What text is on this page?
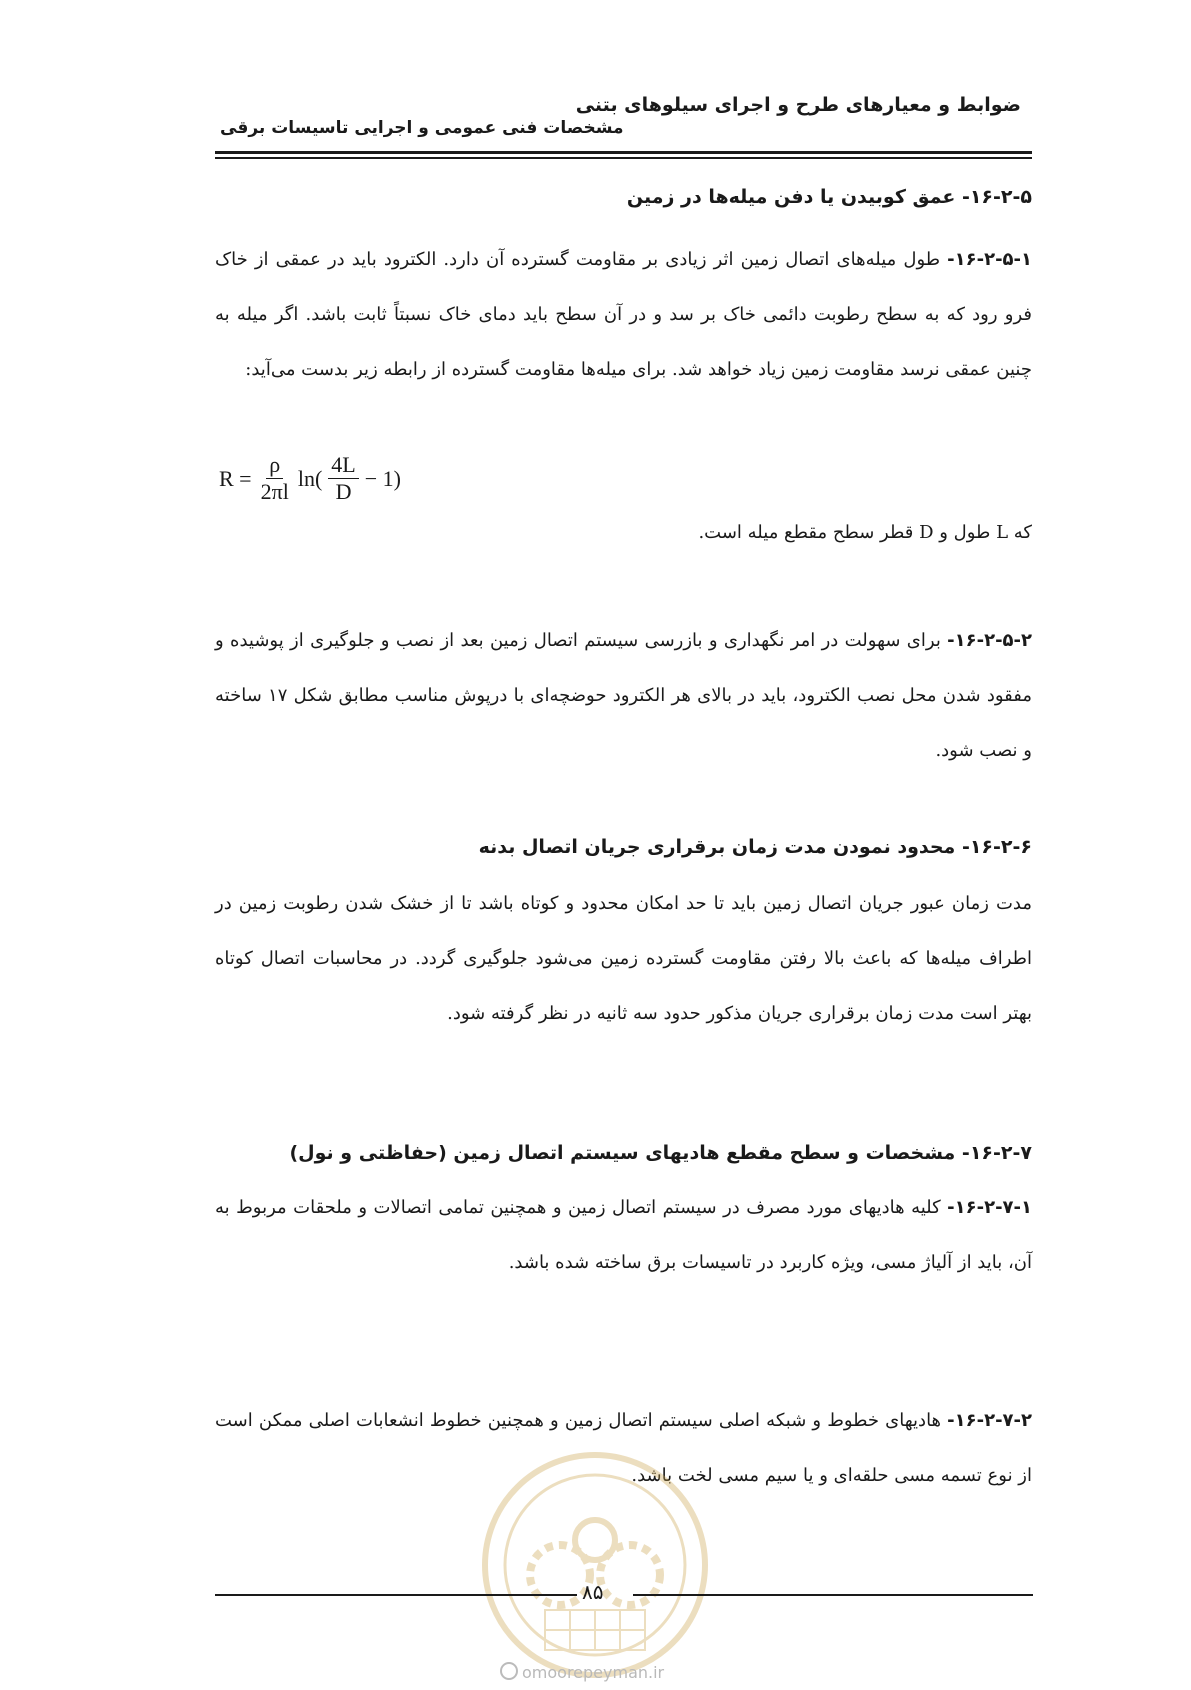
ضوابط و معیارهای طرح و اجرای سیلوهای بتنی
مشخصات فنی عمومی و اجرایی تاسیسات برقی
۱۶-۲-۵- عمق کوبیدن یا دفن میله‌ها در زمین
۱۶-۲-۵-۱- طول میله‌های اتصال زمین اثر زیادی بر مقاومت گسترده آن دارد. الکترود باید در عمقی از خاک فرو رود که به سطح رطوبت دائمی خاک بر سد و در آن سطح باید دمای خاک نسبتاً ثابت باشد. اگر میله به چنین عمقی نرسد مقاومت زمین زیاد خواهد شد. برای میله‌ها مقاومت گسترده از رابطه زیر بدست می‌آید:
$R = \frac{\rho}{2\pi l} \ln( \frac{4L}{D} - 1)$
که L طول و D قطر سطح مقطع میله است.
۱۶-۲-۵-۲- برای سهولت در امر نگهداری و بازرسی سیستم اتصال زمین بعد از نصب و جلوگیری از پوشیده و مفقود شدن محل نصب الکترود، باید در بالای هر الکترود حوضچه‌ای با درپوش مناسب مطابق شکل ۱۷ ساخته و نصب شود.
۱۶-۲-۶- محدود نمودن مدت زمان برقراری جریان اتصال بدنه
مدت زمان عبور جریان اتصال زمین باید تا حد امکان محدود و کوتاه باشد تا از خشک شدن رطوبت زمین در اطراف میله‌ها که باعث بالا رفتن مقاومت گسترده زمین می‌شود جلوگیری گردد. در محاسبات اتصال کوتاه بهتر است مدت زمان برقراری جریان مذکور حدود سه ثانیه در نظر گرفته شود.
۱۶-۲-۷- مشخصات و سطح مقطع هادیهای سیستم اتصال زمین (حفاظتی و نول)
۱۶-۲-۷-۱- کلیه هادیهای مورد مصرف در سیستم اتصال زمین و همچنین تمامی اتصالات و ملحقات مربوط به آن، باید از آلیاژ مسی، ویژه کاربرد در تاسیسات برق ساخته شده باشد.
۱۶-۲-۷-۲- هادیهای خطوط و شبکه اصلی سیستم اتصال زمین و همچنین خطوط انشعابات اصلی ممکن است از نوع تسمه مسی حلقه‌ای و یا سیم مسی لخت باشد.
۸۵
omoorepeyman.ir
